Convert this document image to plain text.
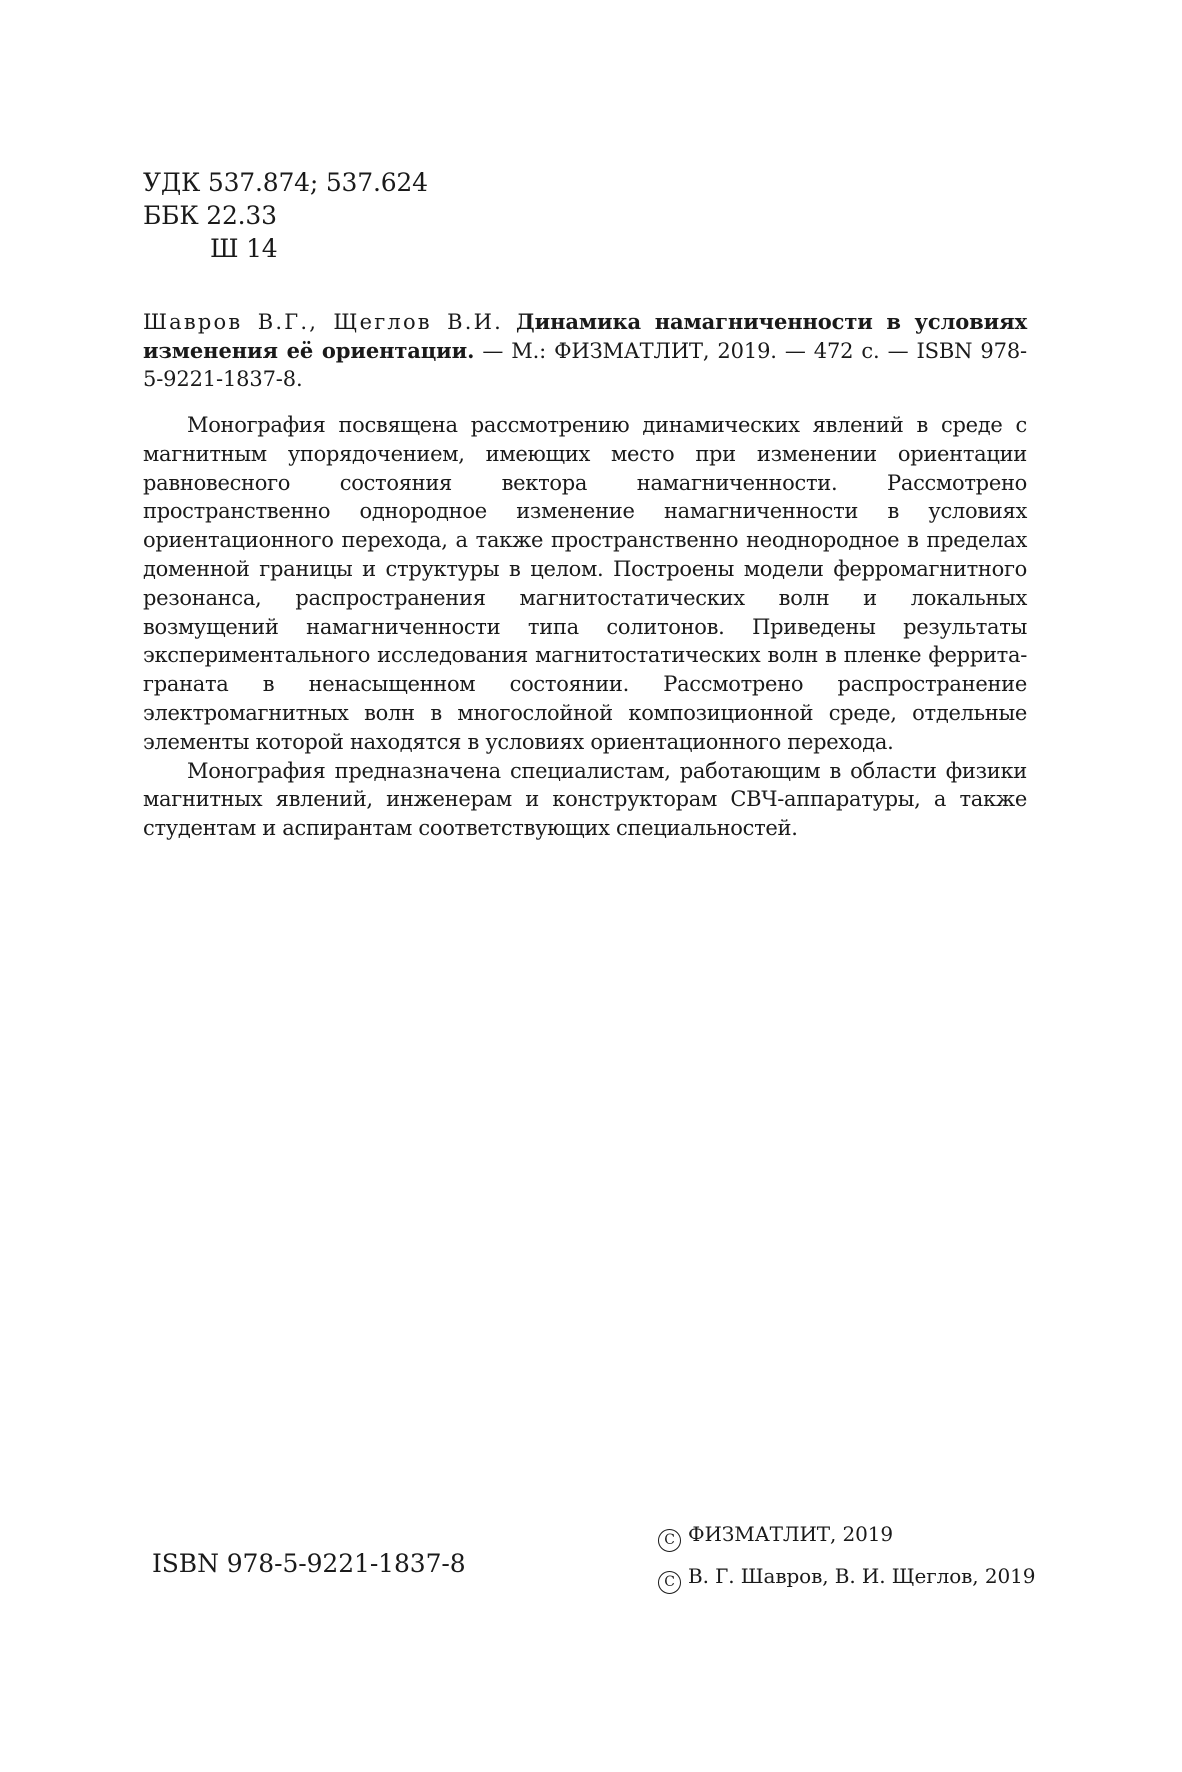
УДК 537.874; 537.624
ББК 22.33
Ш 14
Шавров В.Г., Щеглов В.И. Динамика намагниченности в условиях изменения её ориентации. — М.: ФИЗМАТЛИТ, 2019. — 472 с. — ISBN 978-5-9221-1837-8.

Монография посвящена рассмотрению динамических явлений в среде с магнитным упорядочением, имеющих место при изменении ориентации равновесного состояния вектора намагниченности. Рассмотрено пространственно однородное изменение намагниченности в условиях ориентационного перехода, а также пространственно неоднородное в пределах доменной границы и структуры в целом. Построены модели ферромагнитного резонанса, распространения магнитостатических волн и локальных возмущений намагниченности типа солитонов. Приведены результаты экспериментального исследования магнитостатических волн в пленке феррита-граната в ненасыщенном состоянии. Рассмотрено распространение электромагнитных волн в многослойной композиционной среде, отдельные элементы которой находятся в условиях ориентационного перехода.

Монография предназначена специалистам, работающим в области физики магнитных явлений, инженерам и конструкторам СВЧ-аппаратуры, а также студентам и аспирантам соответствующих специальностей.

ISBN 978-5-9221-1837-8
C ФИЗМАТЛИТ, 2019
C В. Г. Шавров, В. И. Щеглов, 2019
